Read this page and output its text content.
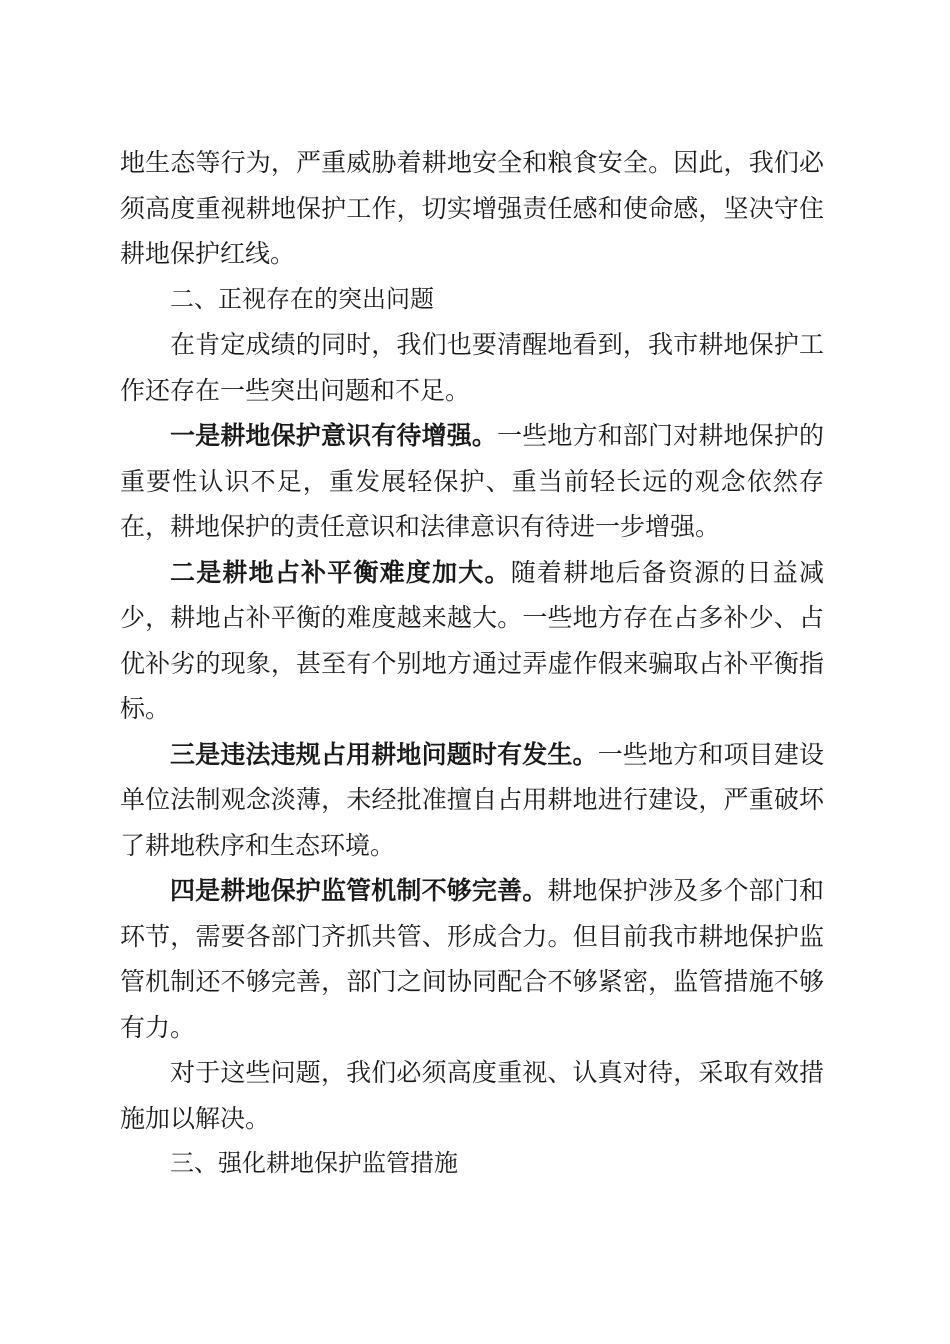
地生态等行为，严重威胁着耕地安全和粮食安全。因此，我们必须高度重视耕地保护工作，切实增强责任感和使命感，坚决守住耕地保护红线。

二、正视存在的突出问题

在肯定成绩的同时，我们也要清醒地看到，我市耕地保护工作还存在一些突出问题和不足。

一是耕地保护意识有待增强。一些地方和部门对耕地保护的重要性认识不足，重发展轻保护、重当前轻长远的观念依然存在，耕地保护的责任意识和法律意识有待进一步增强。

二是耕地占补平衡难度加大。随着耕地后备资源的日益减少，耕地占补平衡的难度越来越大。一些地方存在占多补少、占优补劣的现象，甚至有个别地方通过弄虚作假来骗取占补平衡指标。

三是违法违规占用耕地问题时有发生。一些地方和项目建设单位法制观念淡薄，未经批准擅自占用耕地进行建设，严重破坏了耕地秩序和生态环境。

四是耕地保护监管机制不够完善。耕地保护涉及多个部门和环节，需要各部门齐抓共管、形成合力。但目前我市耕地保护监管机制还不够完善，部门之间协同配合不够紧密，监管措施不够有力。

对于这些问题，我们必须高度重视、认真对待，采取有效措施加以解决。

三、强化耕地保护监管措施
